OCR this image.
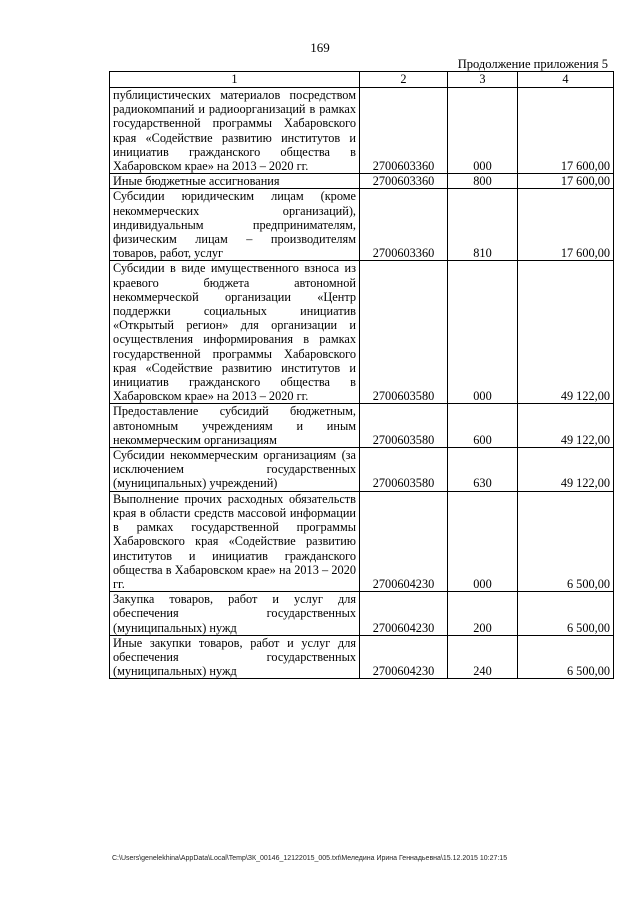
169
Продолжение приложения 5
1	2	3	4
публицистических материалов посредством радиокомпаний и радиоорганизаций в рамках государственной программы Хабаровского края «Содействие развитию институтов и инициатив гражданского общества в Хабаровском крае» на 2013 – 2020 гг.	2700603360	000	17 600,00
Иные бюджетные ассигнования	2700603360	800	17 600,00
Субсидии юридическим лицам (кроме некоммерческих организаций), индивидуальным предпринимателям, физическим лицам – производителям товаров, работ, услуг	2700603360	810	17 600,00
Субсидии в виде имущественного взноса из краевого бюджета автономной некоммерческой организации «Центр поддержки социальных инициатив «Открытый регион» для организации и осуществления информирования в рамках государственной программы Хабаровского края «Содействие развитию институтов и инициатив гражданского общества в Хабаровском крае» на 2013 – 2020 гг.	2700603580	000	49 122,00
Предоставление субсидий бюджетным, автономным учреждениям и иным некоммерческим организациям	2700603580	600	49 122,00
Субсидии некоммерческим организациям (за исключением государственных (муниципальных) учреждений)	2700603580	630	49 122,00
Выполнение прочих расходных обязательств края в области средств массовой информации в рамках государственной программы Хабаровского края «Содействие развитию институтов и инициатив гражданского общества в Хабаровском крае» на 2013 – 2020 гг.	2700604230	000	6 500,00
Закупка товаров, работ и услуг для обеспечения государственных (муниципальных) нужд	2700604230	200	6 500,00
Иные закупки товаров, работ и услуг для обеспечения государственных (муниципальных) нужд	2700604230	240	6 500,00
C:\Users\genelekhina\AppData\Local\Temp\ЗК_00146_12122015_005.txt\Меледина Ирина Геннадьевна\15.12.2015 10:27:15
